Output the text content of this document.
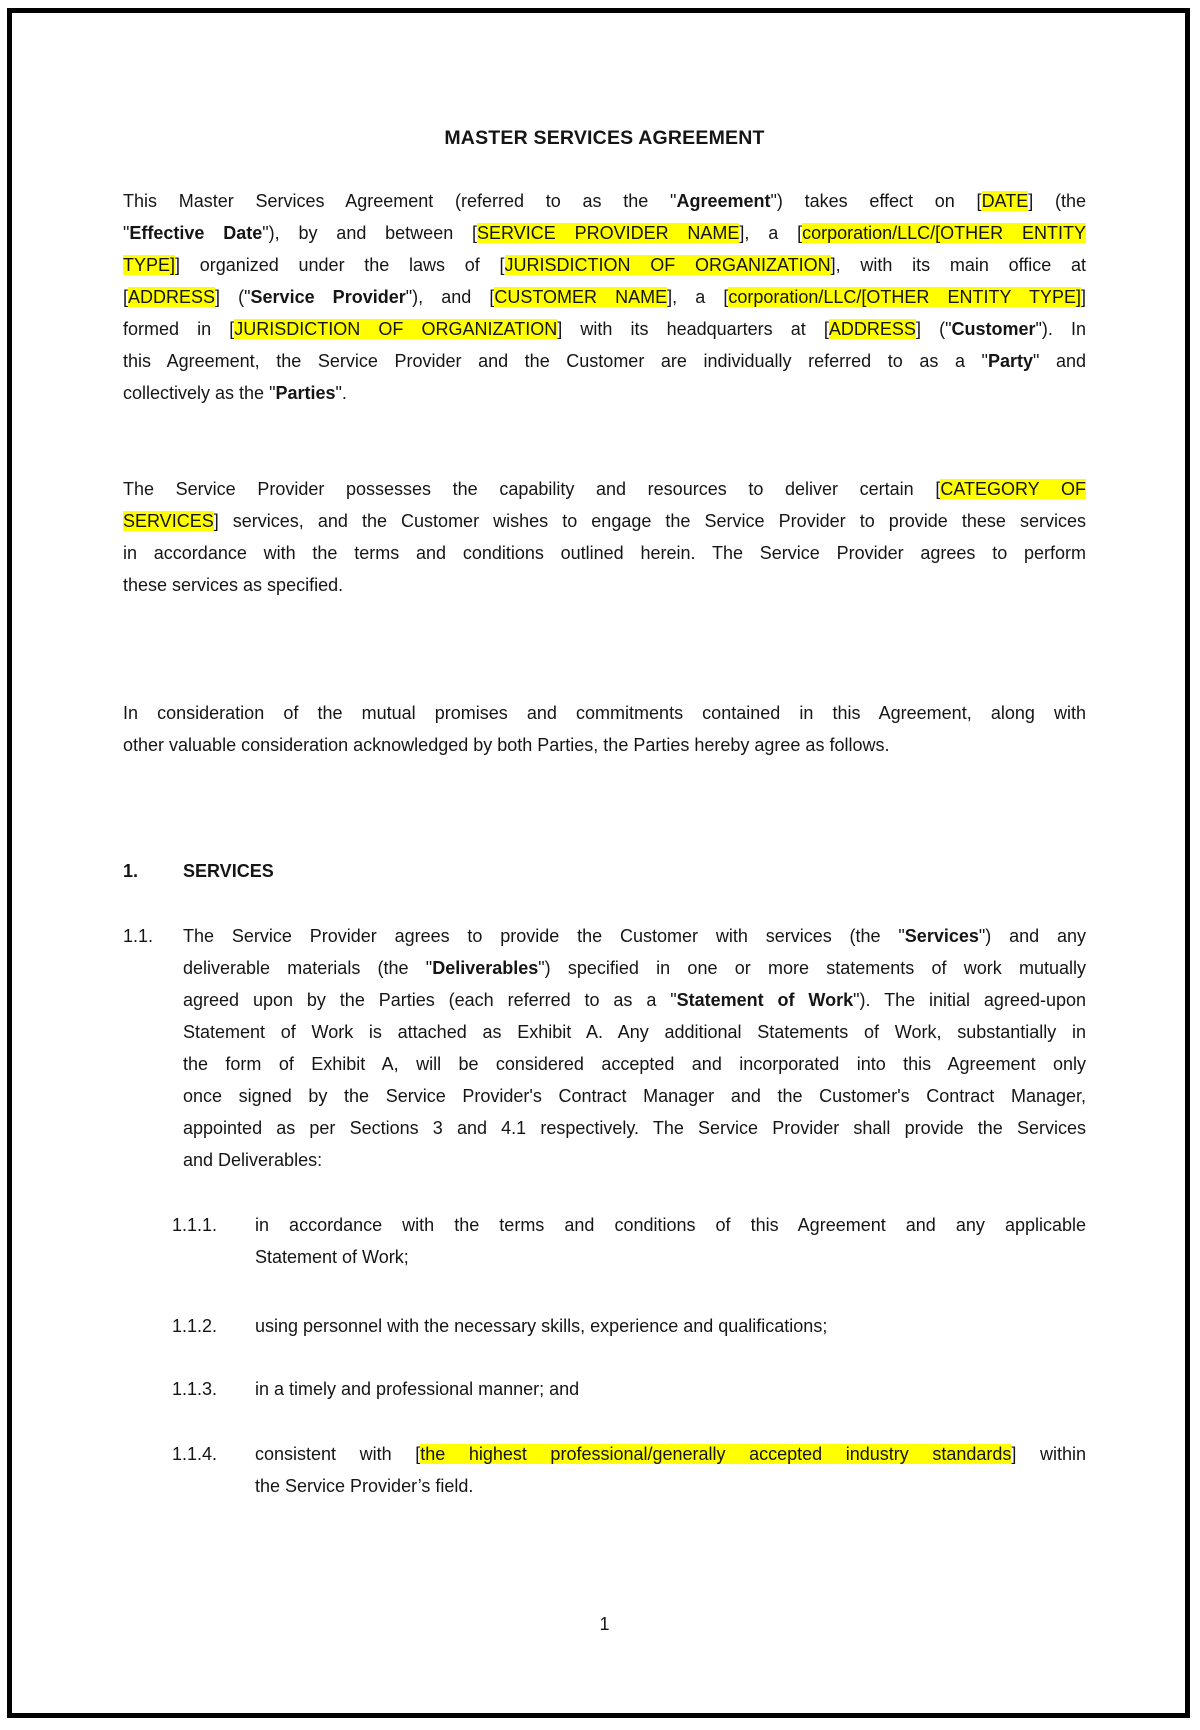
MASTER SERVICES AGREEMENT
This Master Services Agreement (referred to as the "Agreement") takes effect on [DATE] (the
"Effective Date"), by and between [SERVICE PROVIDER NAME], a [corporation/LLC/[OTHER ENTITY
TYPE]] organized under the laws of [JURISDICTION OF ORGANIZATION], with its main office at
[ADDRESS] ("Service Provider"), and [CUSTOMER NAME], a [corporation/LLC/[OTHER ENTITY TYPE]]
formed in [JURISDICTION OF ORGANIZATION] with its headquarters at [ADDRESS] ("Customer"). In
this Agreement, the Service Provider and the Customer are individually referred to as a "Party" and
collectively as the "Parties".
The Service Provider possesses the capability and resources to deliver certain [CATEGORY OF
SERVICES] services, and the Customer wishes to engage the Service Provider to provide these services
in accordance with the terms and conditions outlined herein. The Service Provider agrees to perform
these services as specified.
In consideration of the mutual promises and commitments contained in this Agreement, along with
other valuable consideration acknowledged by both Parties, the Parties hereby agree as follows.
1. SERVICES
1.1. The Service Provider agrees to provide the Customer with services (the "Services") and any
deliverable materials (the "Deliverables") specified in one or more statements of work mutually
agreed upon by the Parties (each referred to as a "Statement of Work"). The initial agreed-upon
Statement of Work is attached as Exhibit A. Any additional Statements of Work, substantially in
the form of Exhibit A, will be considered accepted and incorporated into this Agreement only
once signed by the Service Provider's Contract Manager and the Customer's Contract Manager,
appointed as per Sections 3 and 4.1 respectively. The Service Provider shall provide the Services
and Deliverables:
1.1.1. in accordance with the terms and conditions of this Agreement and any applicable
Statement of Work;
1.1.2. using personnel with the necessary skills, experience and qualifications;
1.1.3. in a timely and professional manner; and
1.1.4. consistent with [the highest professional/generally accepted industry standards] within
the Service Provider’s field.
1
